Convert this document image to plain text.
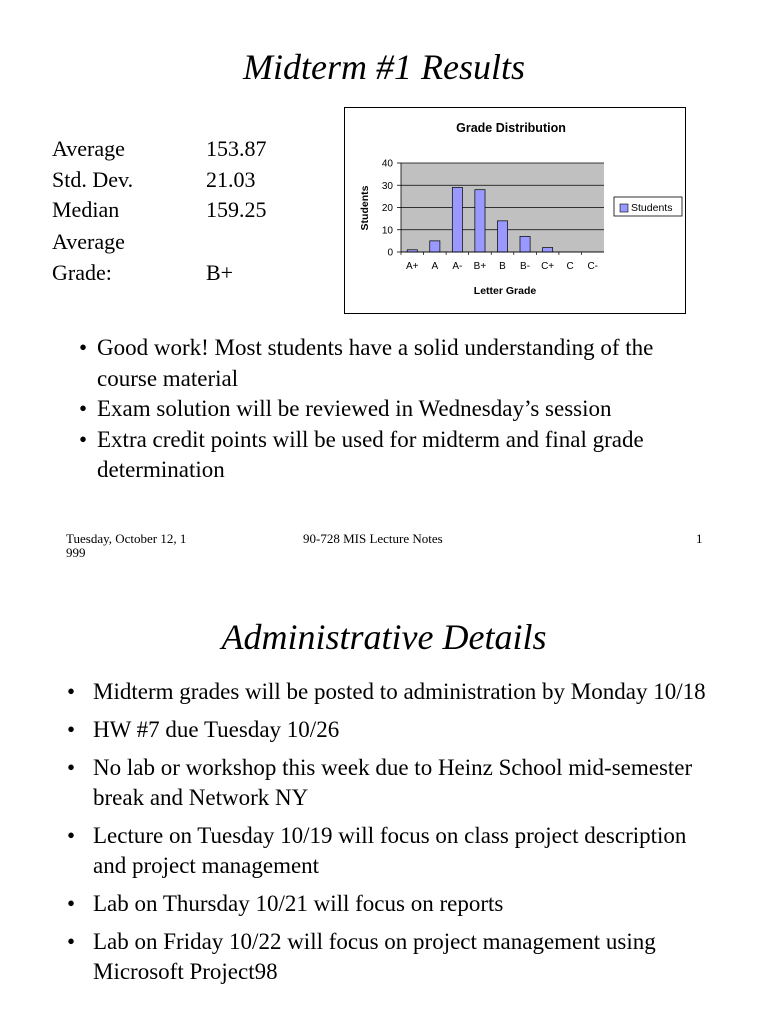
Midterm #1 Results
Average	153.87
Std. Dev.	21.03
Median	159.25
Average
Grade:	B+
Grade Distribution
0
10
20
30
40
A+ A A- B+ B B- C+ C C-
Letter Grade
Students	Students
• Good work! Most students have a solid understanding of the course material
• Exam solution will be reviewed in Wednesday’s session
• Extra credit points will be used for midterm and final grade determination
Tuesday, October 12, 1
999
90-728 MIS Lecture Notes	1
Administrative Details
• Midterm grades will be posted to administration by Monday 10/18
• HW #7 due Tuesday 10/26
• No lab or workshop this week due to Heinz School mid-semester break and Network NY
• Lecture on Tuesday 10/19 will focus on class project description and project management
• Lab on Thursday 10/21 will focus on reports
• Lab on Friday 10/22 will focus on project management using Microsoft Project98
